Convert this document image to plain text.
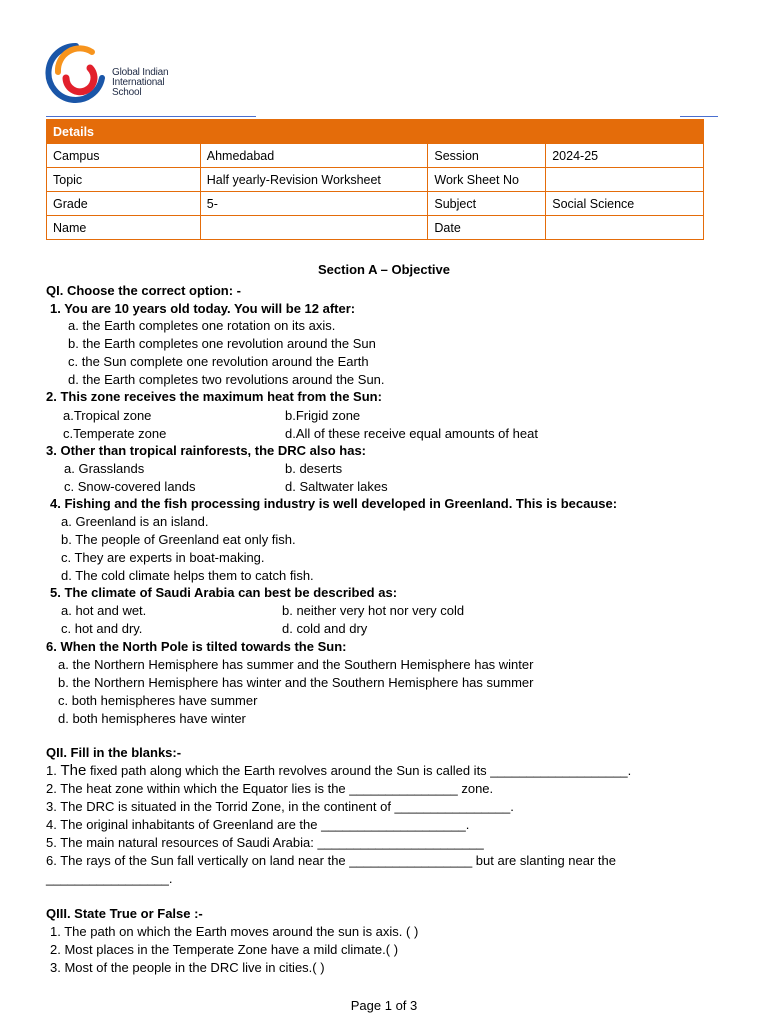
Global Indian
International
School
Details			
Campus	Ahmedabad	Session	2024-25
Topic	Half yearly-Revision Worksheet	Work Sheet No	
Grade	5-	Subject	Social Science
Name		Date	
Section A – Objective
QI. Choose the correct option: -
1. You are 10 years old today. You will be 12 after:
a. the Earth completes one rotation on its axis.
b. the Earth completes one revolution around the Sun
c. the Sun complete one revolution around the Earth
d. the Earth completes two revolutions around the Sun.
2. This zone receives the maximum heat from the Sun:
a.Tropical zone	b.Frigid zone
c.Temperate zone	d.All of these receive equal amounts of heat
3. Other than tropical rainforests, the DRC also has:
a. Grasslands	b. deserts
c. Snow-covered lands	d. Saltwater lakes
4. Fishing and the fish processing industry is well developed in Greenland. This is because:
a. Greenland is an island.
b. The people of Greenland eat only fish.
c. They are experts in boat-making.
d. The cold climate helps them to catch fish.
5. The climate of Saudi Arabia can best be described as:
a. hot and wet.	b. neither very hot nor very cold
c. hot and dry.	d. cold and dry
6. When the North Pole is tilted towards the Sun:
a. the Northern Hemisphere has summer and the Southern Hemisphere has winter
b. the Northern Hemisphere has winter and the Southern Hemisphere has summer
c. both hemispheres have summer
d. both hemispheres have winter
QII. Fill in the blanks:-
1. The fixed path along which the Earth revolves around the Sun is called its ___________________.
2. The heat zone within which the Equator lies is the _______________ zone.
3. The DRC is situated in the Torrid Zone, in the continent of ________________.
4. The original inhabitants of Greenland are the ____________________.
5. The main natural resources of Saudi Arabia: _______________________
6. The rays of the Sun fall vertically on land near the _________________ but are slanting near the
_________________.
QIII. State True or False :-
1. The path on which the Earth moves around the sun is axis. ( )
2. Most places in the Temperate Zone have a mild climate.( )
3. Most of the people in the DRC live in cities.( )
Page 1 of 3
